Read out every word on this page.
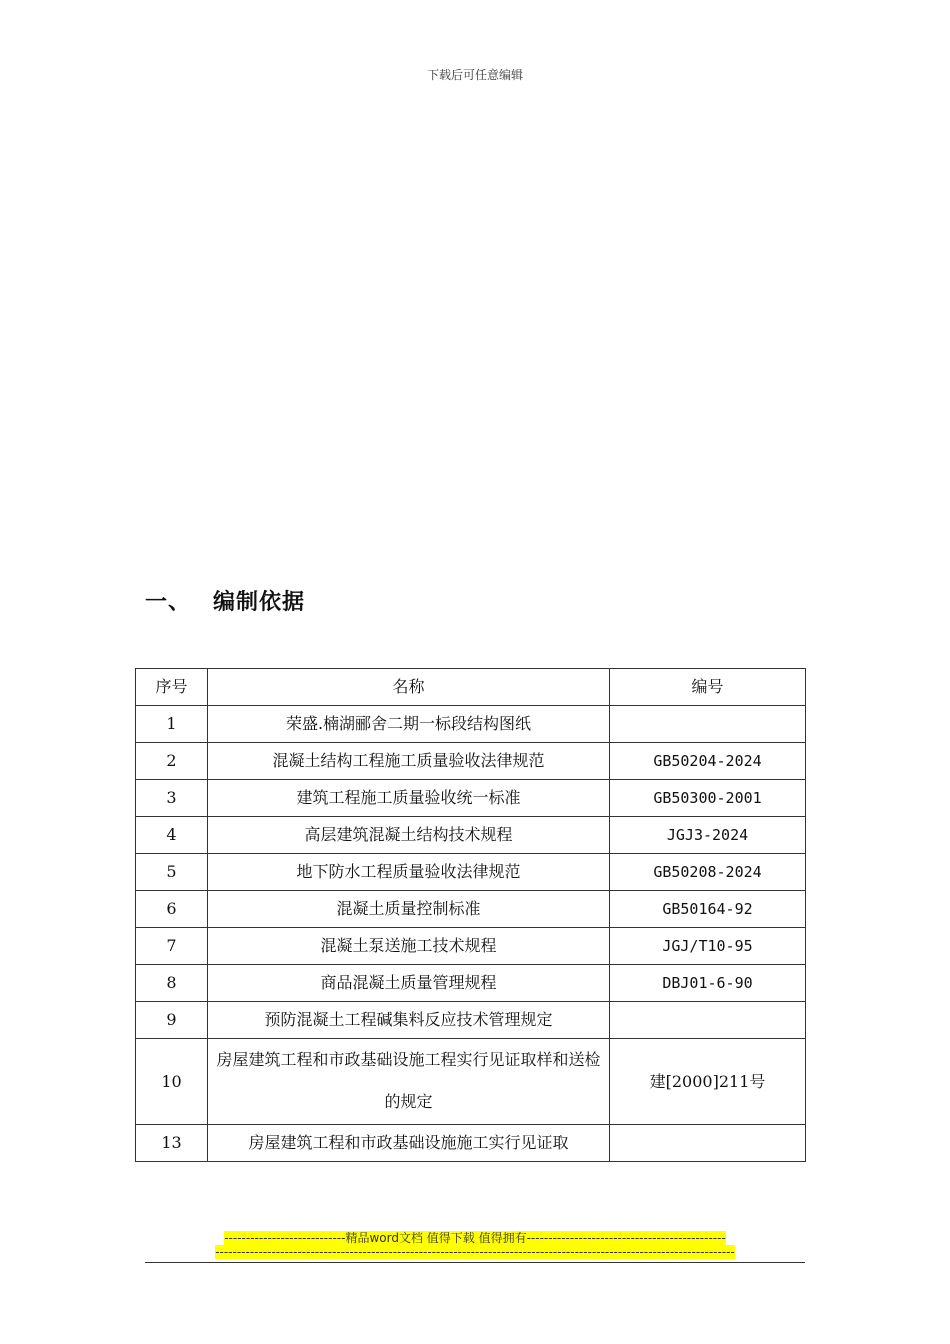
下载后可任意编辑
一、 编制依据
序号	名称	编号
1	荣盛.楠湖郦舍二期一标段结构图纸	
2	混凝土结构工程施工质量验收法律规范	GB50204-2024
3	建筑工程施工质量验收统一标准	GB50300-2001
4	高层建筑混凝土结构技术规程	JGJ3-2024
5	地下防水工程质量验收法律规范	GB50208-2024
6	混凝土质量控制标准	GB50164-92
7	混凝土泵送施工技术规程	JGJ/T10-95
8	商品混凝土质量管理规程	DBJ01-6-90
9	预防混凝土工程碱集料反应技术管理规定	
10	房屋建筑工程和市政基础设施工程实行见证取样和送检的规定	建[2000]211号
13	房屋建筑工程和市政基础设施施工实行见证取	
----------------------------精品word文档 值得下载 值得拥有----------------------------------------------
------------------------------------------------------------------------------------------------------------------------
